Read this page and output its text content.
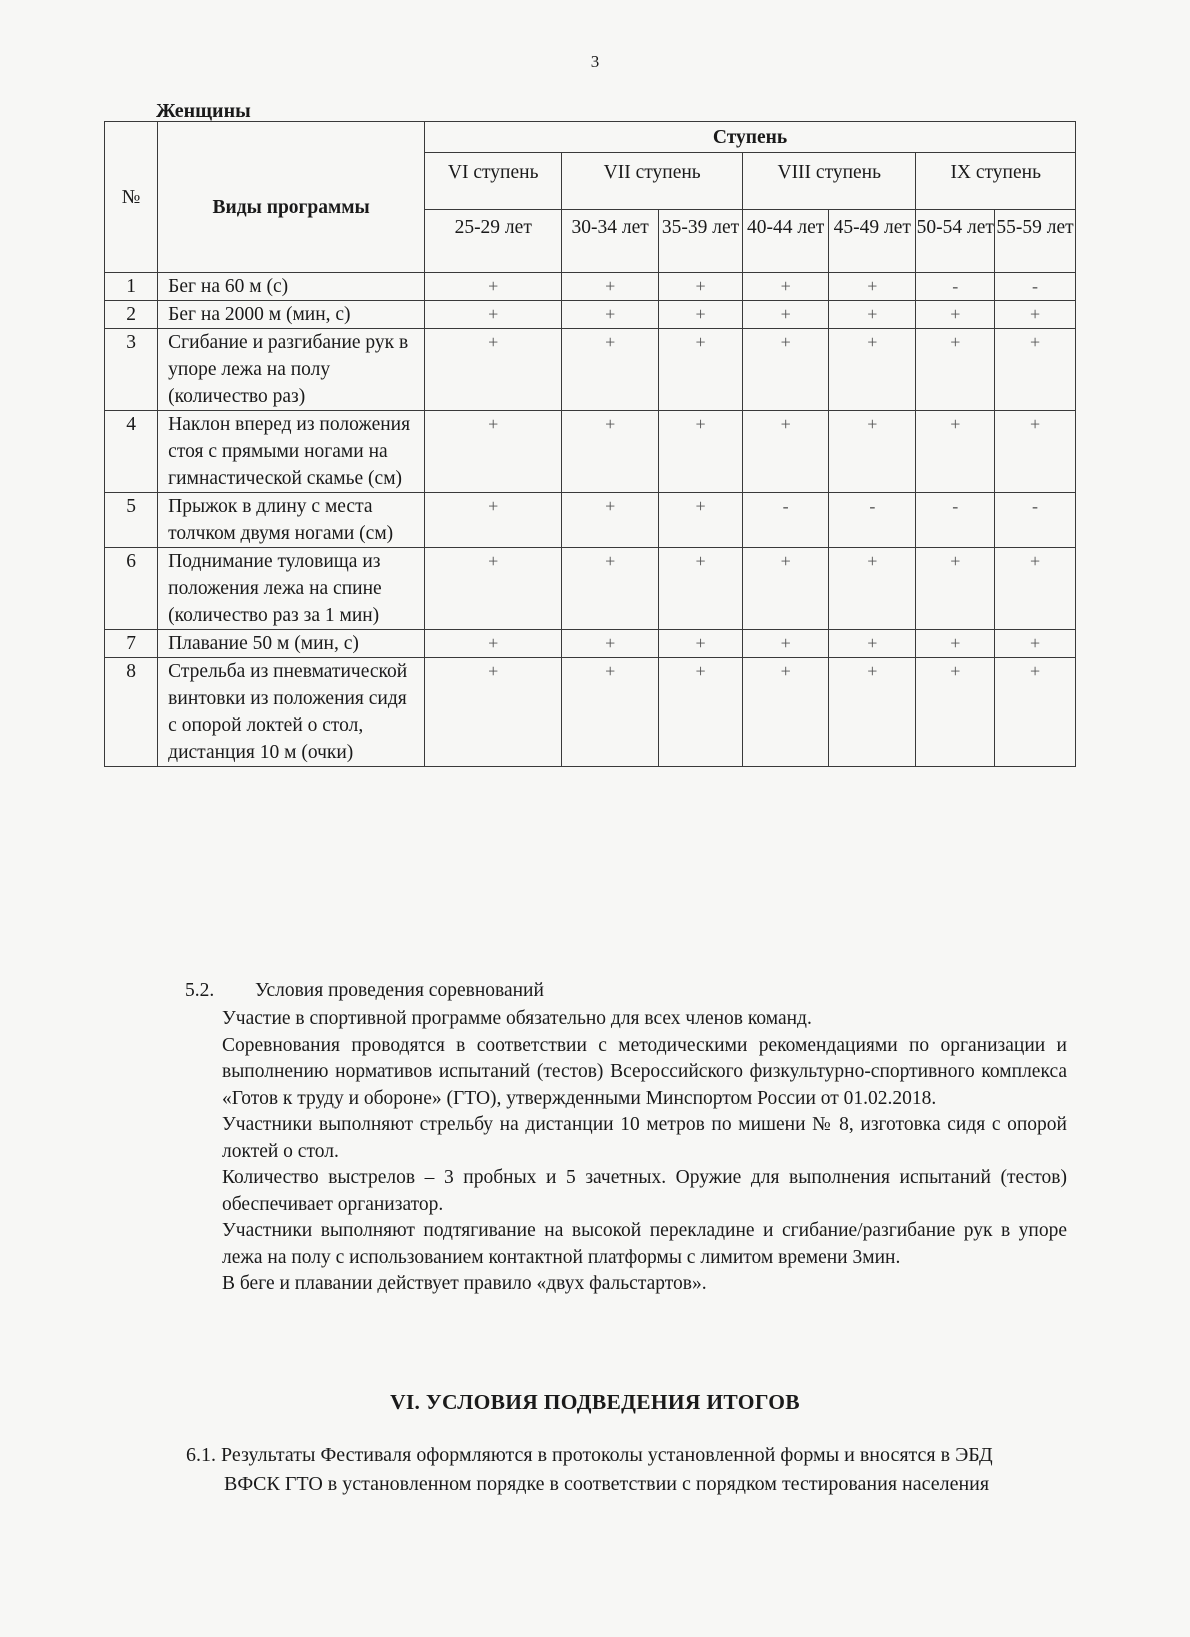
3
Женщины
№	Виды программы	Ступень						
		VI ступень	VII ступень		VIII ступень		IX ступень	
		25-29 лет	30-34 лет	35-39 лет	40-44 лет	45-49 лет	50-54 лет	55-59 лет
1	Бег на 60 м (с)	+	+	+	+	+	-	-
2	Бег на 2000 м (мин, с)	+	+	+	+	+	+	+
3	Сгибание и разгибание рук в упоре лежа на полу (количество раз)	+	+	+	+	+	+	+
4	Наклон вперед из положения стоя с прямыми ногами на гимнастической скамье (см)	+	+	+	+	+	+	+
5	Прыжок в длину с места толчком двумя ногами (см)	+	+	+	-	-	-	-
6	Поднимание туловища из положения лежа на спине (количество раз за 1 мин)	+	+	+	+	+	+	+
7	Плавание 50 м (мин, с)	+	+	+	+	+	+	+
8	Стрельба из пневматической винтовки из положения сидя с опорой локтей о стол, дистанция 10 м (очки)	+	+	+	+	+	+	+
5.2. Условия проведения соревнований

Участие в спортивной программе обязательно для всех членов команд.

Соревнования проводятся в соответствии с методическими рекомендациями по организации и выполнению нормативов испытаний (тестов) Всероссийского физкультурно-спортивного комплекса «Готов к труду и обороне» (ГТО), утвержденными Минспортом России от 01.02.2018.

Участники выполняют стрельбу на дистанции 10 метров по мишени № 8, изготовка сидя с опорой локтей о стол.

Количество выстрелов – 3 пробных и 5 зачетных. Оружие для выполнения испытаний (тестов) обеспечивает организатор.

Участники выполняют подтягивание на высокой перекладине и сгибание/разгибание рук в упоре лежа на полу с использованием контактной платформы с лимитом времени 3мин.

В беге и плавании действует правило «двух фальстартов».

VI. УСЛОВИЯ ПОДВЕДЕНИЯ ИТОГОВ
6.1. Результаты Фестиваля оформляются в протоколы установленной формы и вносятся в ЭБД
ВФСК ГТО в установленном порядке в соответствии с порядком тестирования населения
